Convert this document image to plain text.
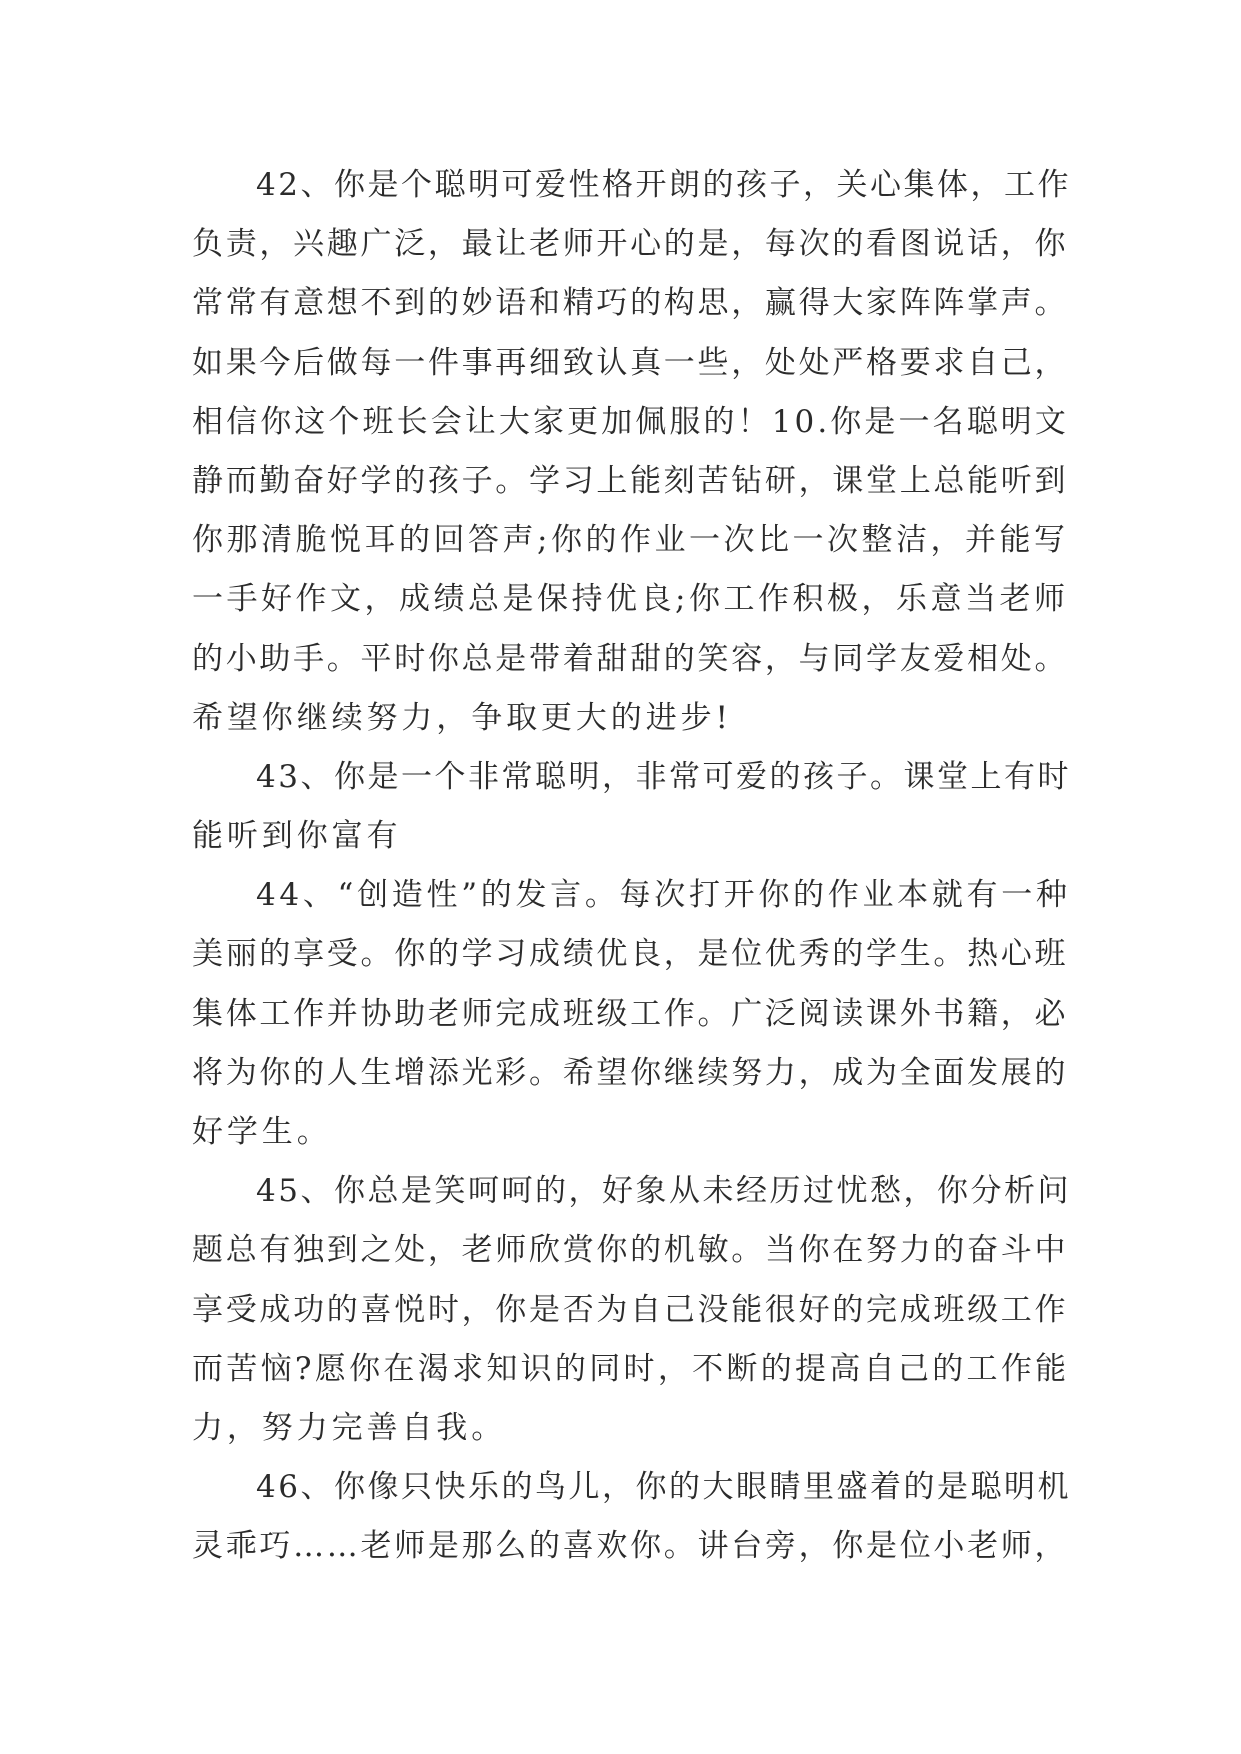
42、你是个聪明可爱性格开朗的孩子，关心集体，工作
负责，兴趣广泛，最让老师开心的是，每次的看图说话，你
常常有意想不到的妙语和精巧的构思，赢得大家阵阵掌声。
如果今后做每一件事再细致认真一些，处处严格要求自己，
相信你这个班长会让大家更加佩服的！10.你是一名聪明文
静而勤奋好学的孩子。学习上能刻苦钻研，课堂上总能听到
你那清脆悦耳的回答声;你的作业一次比一次整洁，并能写
一手好作文，成绩总是保持优良;你工作积极，乐意当老师
的小助手。平时你总是带着甜甜的笑容，与同学友爱相处。
希望你继续努力，争取更大的进步!
43、你是一个非常聪明，非常可爱的孩子。课堂上有时
能听到你富有
44、“创造性”的发言。每次打开你的作业本就有一种
美丽的享受。你的学习成绩优良，是位优秀的学生。热心班
集体工作并协助老师完成班级工作。广泛阅读课外书籍，必
将为你的人生增添光彩。希望你继续努力，成为全面发展的
好学生。
45、你总是笑呵呵的，好象从未经历过忧愁，你分析问
题总有独到之处，老师欣赏你的机敏。当你在努力的奋斗中
享受成功的喜悦时，你是否为自己没能很好的完成班级工作
而苦恼?愿你在渴求知识的同时，不断的提高自己的工作能
力，努力完善自我。
46、你像只快乐的鸟儿，你的大眼睛里盛着的是聪明机
灵乖巧……老师是那么的喜欢你。讲台旁，你是位小老师，
